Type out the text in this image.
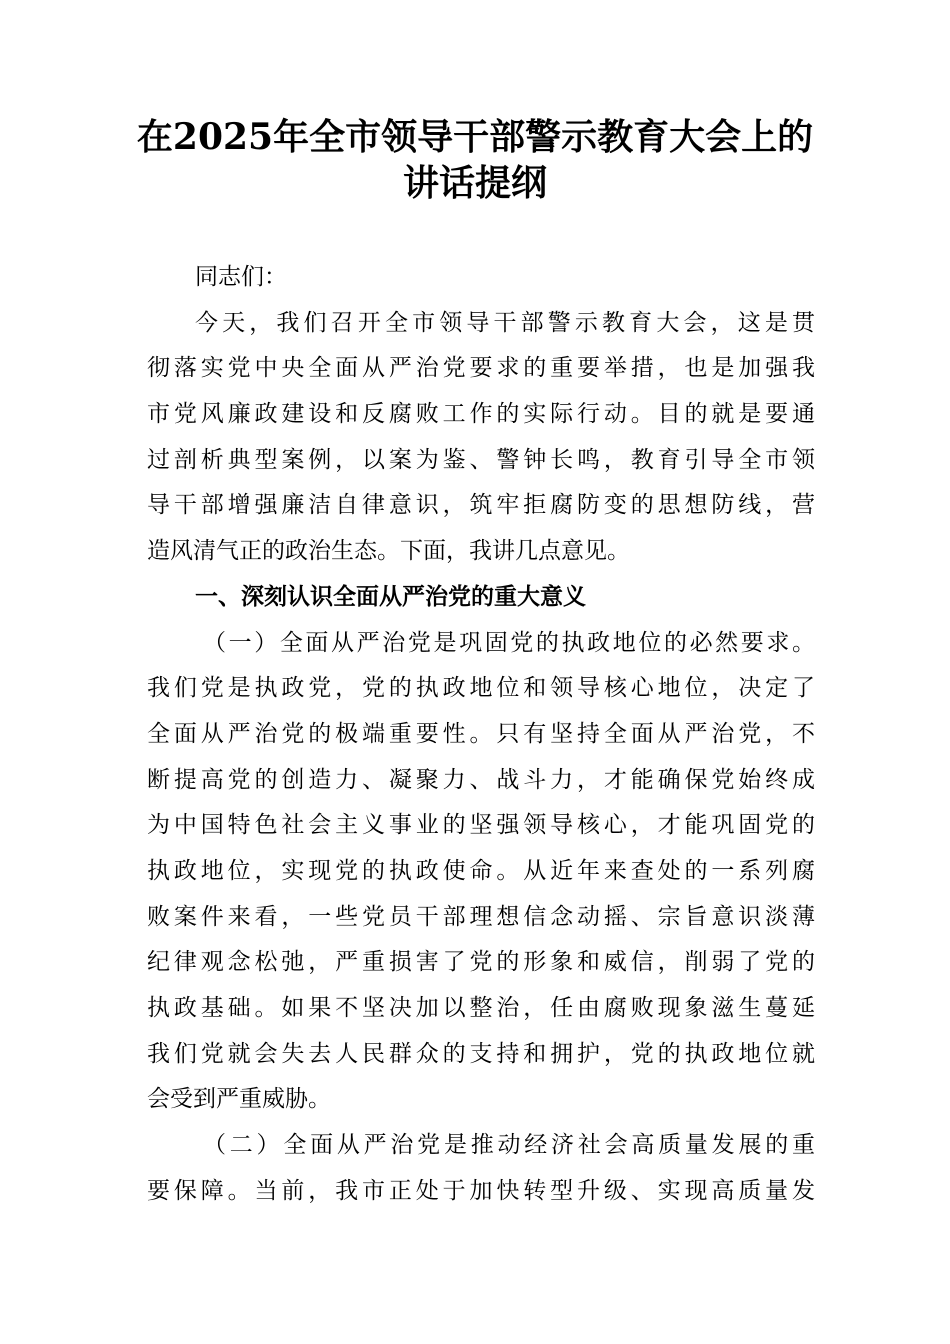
在2025年全市领导干部警示教育大会上的
讲话提纲
同志们：
今天，我们召开全市领导干部警示教育大会，这是贯
彻落实党中央全面从严治党要求的重要举措，也是加强我
市党风廉政建设和反腐败工作的实际行动。目的就是要通
过剖析典型案例，以案为鉴、警钟长鸣，教育引导全市领
导干部增强廉洁自律意识，筑牢拒腐防变的思想防线，营
造风清气正的政治生态。下面，我讲几点意见。
一、深刻认识全面从严治党的重大意义
（一）全面从严治党是巩固党的执政地位的必然要求。
我们党是执政党，党的执政地位和领导核心地位，决定了
全面从严治党的极端重要性。只有坚持全面从严治党，不
断提高党的创造力、凝聚力、战斗力，才能确保党始终成
为中国特色社会主义事业的坚强领导核心，才能巩固党的
执政地位，实现党的执政使命。从近年来查处的一系列腐
败案件来看，一些党员干部理想信念动摇、宗旨意识淡薄
纪律观念松弛，严重损害了党的形象和威信，削弱了党的
执政基础。如果不坚决加以整治，任由腐败现象滋生蔓延
我们党就会失去人民群众的支持和拥护，党的执政地位就
会受到严重威胁。
（二）全面从严治党是推动经济社会高质量发展的重
要保障。当前，我市正处于加快转型升级、实现高质量发
